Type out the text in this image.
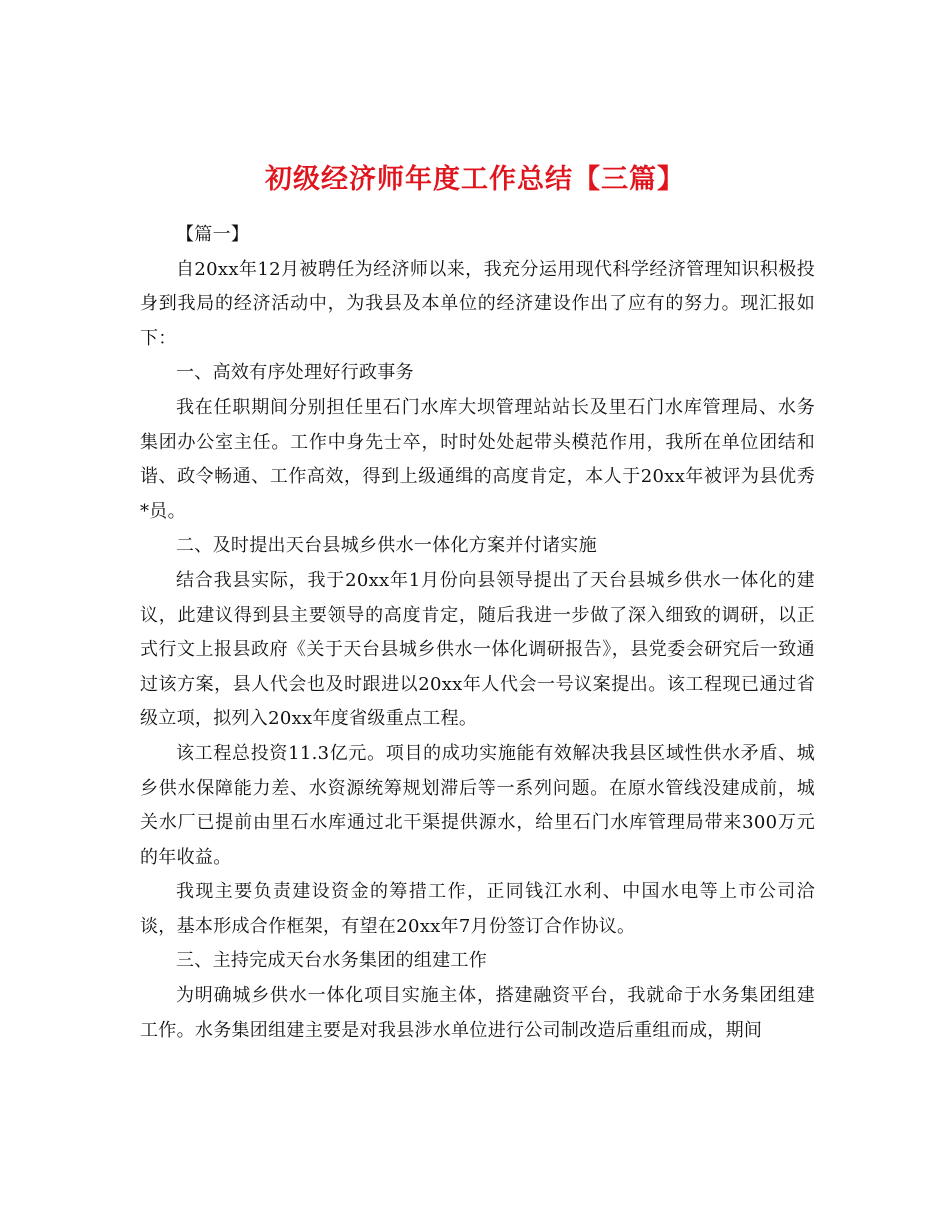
初级经济师年度工作总结【三篇】

【篇一】

自20xx年12月被聘任为经济师以来，我充分运用现代科学经济管理知识积极投身到我局的经济活动中，为我县及本单位的经济建设作出了应有的努力。现汇报如下：

一、高效有序处理好行政事务

我在任职期间分别担任里石门水库大坝管理站站长及里石门水库管理局、水务集团办公室主任。工作中身先士卒，时时处处起带头模范作用，我所在单位团结和谐、政令畅通、工作高效，得到上级通缉的高度肯定，本人于20xx年被评为县优秀*员。

二、及时提出天台县城乡供水一体化方案并付诸实施

结合我县实际，我于20xx年1月份向县领导提出了天台县城乡供水一体化的建议，此建议得到县主要领导的高度肯定，随后我进一步做了深入细致的调研，以正式行文上报县政府《关于天台县城乡供水一体化调研报告》，县党委会研究后一致通过该方案，县人代会也及时跟进以20xx年人代会一号议案提出。该工程现已通过省级立项，拟列入20xx年度省级重点工程。

该工程总投资11.3亿元。项目的成功实施能有效解决我县区域性供水矛盾、城乡供水保障能力差、水资源统筹规划滞后等一系列问题。在原水管线没建成前，城关水厂已提前由里石水库通过北干渠提供源水，给里石门水库管理局带来300万元的年收益。

我现主要负责建设资金的筹措工作，正同钱江水利、中国水电等上市公司洽谈，基本形成合作框架，有望在20xx年7月份签订合作协议。

三、主持完成天台水务集团的组建工作

为明确城乡供水一体化项目实施主体，搭建融资平台，我就命于水务集团组建工作。水务集团组建主要是对我县涉水单位进行公司制改造后重组而成，期间
